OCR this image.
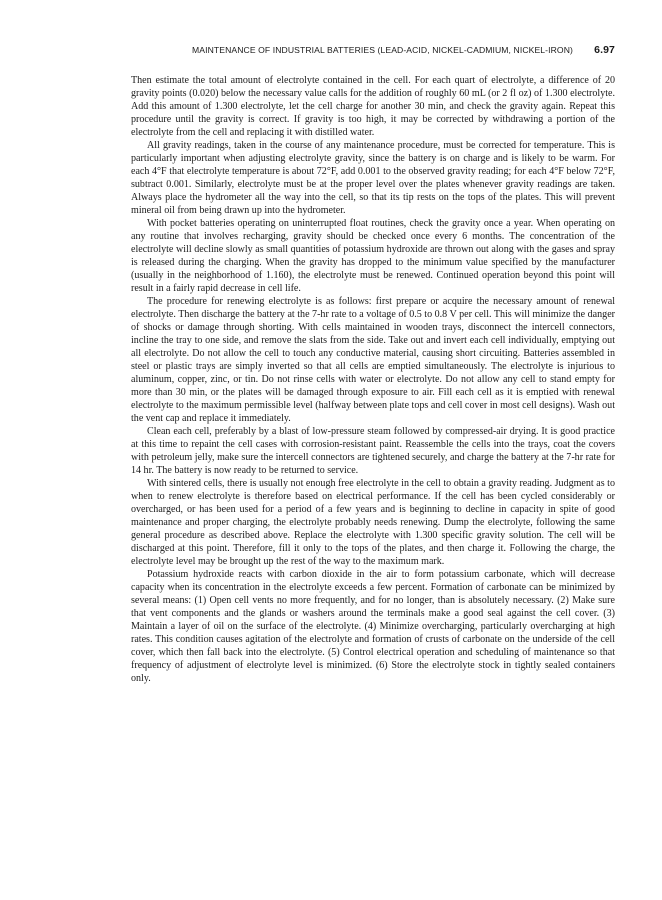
MAINTENANCE OF INDUSTRIAL BATTERIES (LEAD-ACID, NICKEL-CADMIUM, NICKEL-IRON) 6.97

Then estimate the total amount of electrolyte contained in the cell. For each quart of electrolyte, a difference of 20 gravity points (0.020) below the necessary value calls for the addition of roughly 60 mL (or 2 fl oz) of 1.300 electrolyte. Add this amount of 1.300 electrolyte, let the cell charge for another 30 min, and check the gravity again. Repeat this procedure until the gravity is correct. If gravity is too high, it may be corrected by withdrawing a portion of the electrolyte from the cell and replacing it with distilled water.

All gravity readings, taken in the course of any maintenance procedure, must be corrected for temperature. This is particularly important when adjusting electrolyte gravity, since the battery is on charge and is likely to be warm. For each 4°F that electrolyte temperature is about 72°F, add 0.001 to the observed gravity reading; for each 4°F below 72°F, subtract 0.001. Similarly, electrolyte must be at the proper level over the plates whenever gravity readings are taken. Always place the hydrometer all the way into the cell, so that its tip rests on the tops of the plates. This will prevent mineral oil from being drawn up into the hydrometer.

With pocket batteries operating on uninterrupted float routines, check the gravity once a year. When operating on any routine that involves recharging, gravity should be checked once every 6 months. The concentration of the electrolyte will decline slowly as small quantities of potassium hydroxide are thrown out along with the gases and spray is released during the charging. When the gravity has dropped to the minimum value specified by the manufacturer (usually in the neighborhood of 1.160), the electrolyte must be renewed. Continued operation beyond this point will result in a fairly rapid decrease in cell life.

The procedure for renewing electrolyte is as follows: first prepare or acquire the necessary amount of renewal electrolyte. Then discharge the battery at the 7-hr rate to a voltage of 0.5 to 0.8 V per cell. This will minimize the danger of shocks or damage through shorting. With cells maintained in wooden trays, disconnect the intercell connectors, incline the tray to one side, and remove the slats from the side. Take out and invert each cell individually, emptying out all electrolyte. Do not allow the cell to touch any conductive material, causing short circuiting. Batteries assembled in steel or plastic trays are simply inverted so that all cells are emptied simultaneously. The electrolyte is injurious to aluminum, copper, zinc, or tin. Do not rinse cells with water or electrolyte. Do not allow any cell to stand empty for more than 30 min, or the plates will be damaged through exposure to air. Fill each cell as it is emptied with renewal electrolyte to the maximum permissible level (halfway between plate tops and cell cover in most cell designs). Wash out the vent cap and replace it immediately.

Clean each cell, preferably by a blast of low-pressure steam followed by compressed-air drying. It is good practice at this time to repaint the cell cases with corrosion-resistant paint. Reassemble the cells into the trays, coat the covers with petroleum jelly, make sure the intercell connectors are tightened securely, and charge the battery at the 7-hr rate for 14 hr. The battery is now ready to be returned to service.

With sintered cells, there is usually not enough free electrolyte in the cell to obtain a gravity reading. Judgment as to when to renew electrolyte is therefore based on electrical performance. If the cell has been cycled considerably or overcharged, or has been used for a period of a few years and is beginning to decline in capacity in spite of good maintenance and proper charging, the electrolyte probably needs renewing. Dump the electrolyte, following the same general procedure as described above. Replace the electrolyte with 1.300 specific gravity solution. The cell will be discharged at this point. Therefore, fill it only to the tops of the plates, and then charge it. Following the charge, the electrolyte level may be brought up the rest of the way to the maximum mark.

Potassium hydroxide reacts with carbon dioxide in the air to form potassium carbonate, which will decrease capacity when its concentration in the electrolyte exceeds a few percent. Formation of carbonate can be minimized by several means: (1) Open cell vents no more frequently, and for no longer, than is absolutely necessary. (2) Make sure that vent components and the glands or washers around the terminals make a good seal against the cell cover. (3) Maintain a layer of oil on the surface of the electrolyte. (4) Minimize overcharging, particularly overcharging at high rates. This condition causes agitation of the electrolyte and formation of crusts of carbonate on the underside of the cell cover, which then fall back into the electrolyte. (5) Control electrical operation and scheduling of maintenance so that frequency of adjustment of electrolyte level is minimized. (6) Store the electrolyte stock in tightly sealed containers only.
